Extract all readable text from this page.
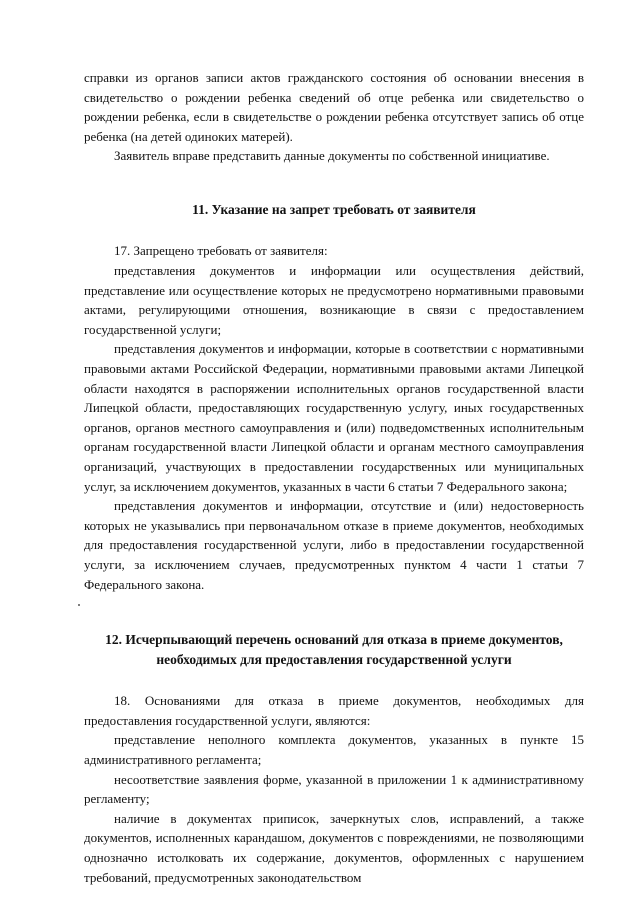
справки из органов записи актов гражданского состояния об основании внесения в свидетельство о рождении ребенка сведений об отце ребенка или свидетельство о рождении ребенка, если в свидетельстве о рождении ребенка отсутствует запись об отце ребенка (на детей одиноких матерей).

Заявитель вправе представить данные документы по собственной инициативе.

11. Указание на запрет требовать от заявителя

17. Запрещено требовать от заявителя:

представления документов и информации или осуществления действий, представление или осуществление которых не предусмотрено нормативными правовыми актами, регулирующими отношения, возникающие в связи с предоставлением государственной услуги;

представления документов и информации, которые в соответствии с нормативными правовыми актами Российской Федерации, нормативными правовыми актами Липецкой области находятся в распоряжении исполнительных органов государственной власти Липецкой области, предоставляющих государственную услугу, иных государственных органов, органов местного самоуправления и (или) подведомственных исполнительным органам государственной власти Липецкой области и органам местного самоуправления организаций, участвующих в предоставлении государственных или муниципальных услуг, за исключением документов, указанных в части 6 статьи 7 Федерального закона;

представления документов и информации, отсутствие и (или) недостоверность которых не указывались при первоначальном отказе в приеме документов, необходимых для предоставления государственной услуги, либо в предоставлении государственной услуги, за исключением случаев, предусмотренных пунктом 4 части 1 статьи 7 Федерального закона.

12. Исчерпывающий перечень оснований для отказа в приеме документов, необходимых для предоставления государственной услуги

18. Основаниями для отказа в приеме документов, необходимых для предоставления государственной услуги, являются:

представление неполного комплекта документов, указанных в пункте 15 административного регламента;

несоответствие заявления форме, указанной в приложении 1 к административному регламенту;

наличие в документах приписок, зачеркнутых слов, исправлений, а также документов, исполненных карандашом, документов с повреждениями, не позволяющими однозначно истолковать их содержание, документов, оформленных с нарушением требований, предусмотренных законодательством
